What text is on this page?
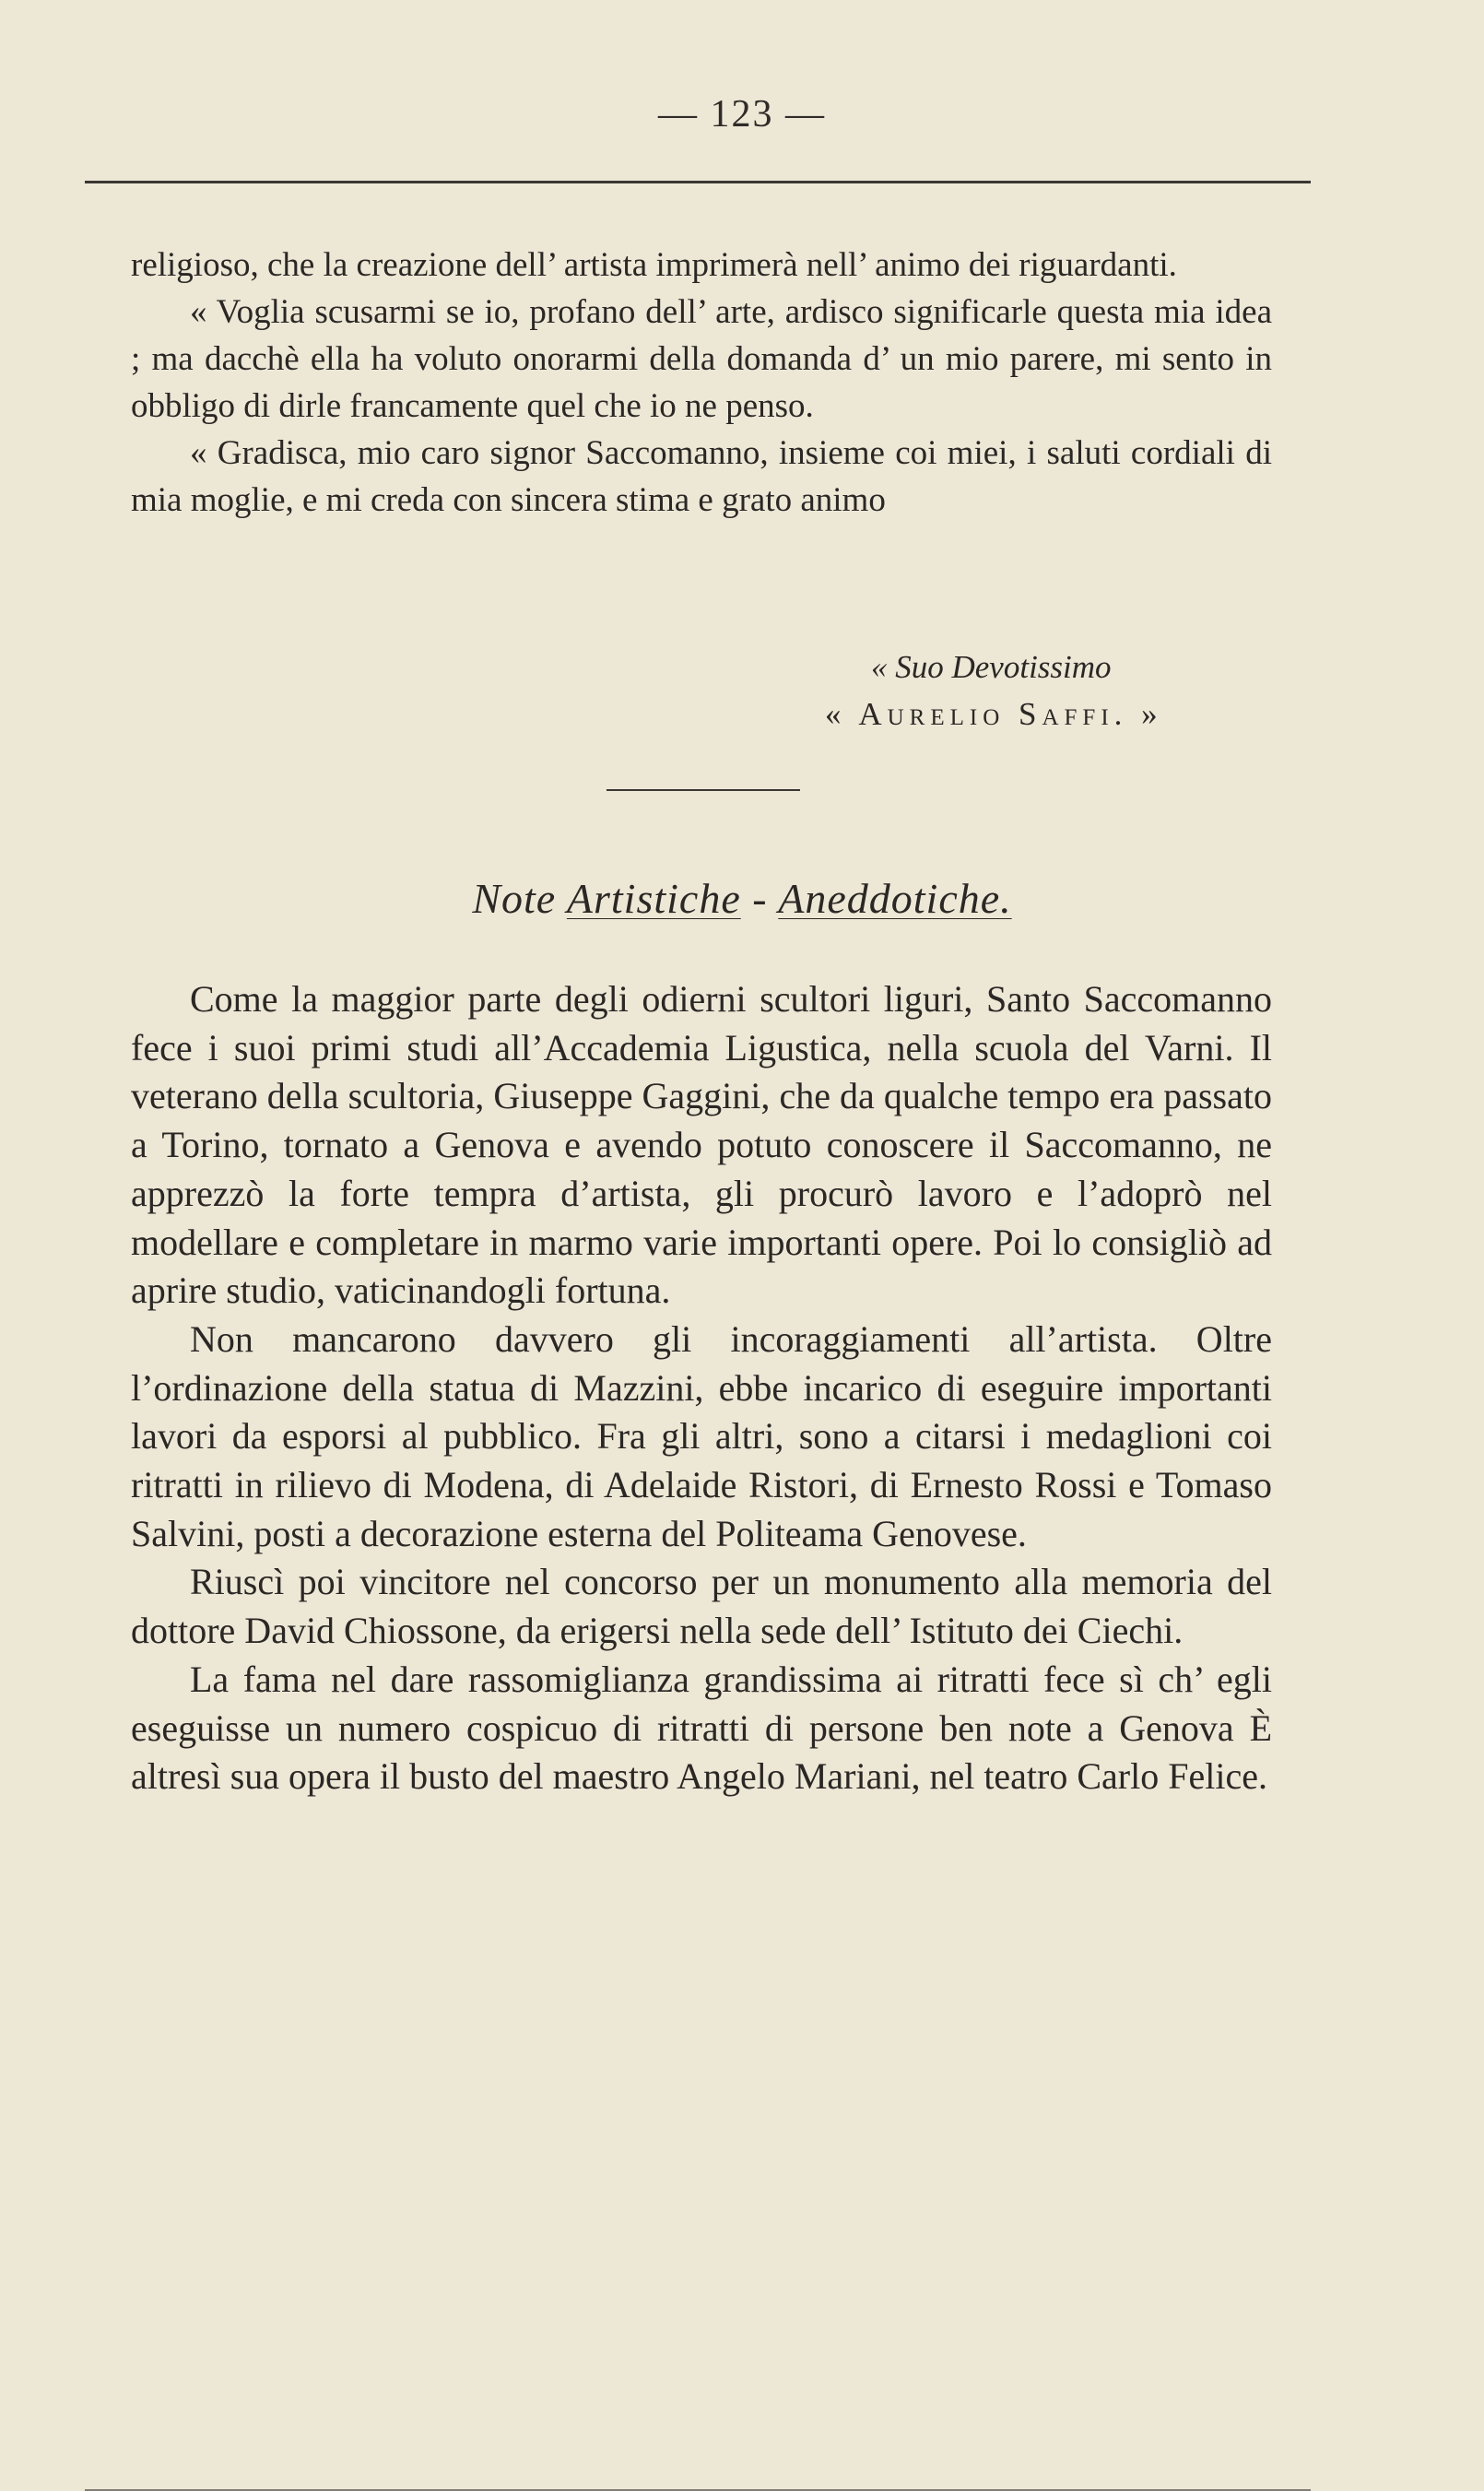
— 123 —

religioso, che la creazione dell’ artista imprimerà nell’ animo dei riguardanti.

« Voglia scusarmi se io, profano dell’ arte, ardisco significarle questa mia idea ; ma dacchè ella ha voluto onorarmi della domanda d’ un mio parere, mi sento in obbligo di dirle francamente quel che io ne penso.

« Gradisca, mio caro signor Saccomanno, insieme coi miei, i saluti cordiali di mia moglie, e mi creda con sincera stima e grato animo

« Suo Devotissimo
« Aurelio Saffi. »
Note Artistiche - Aneddotiche.

Come la maggior parte degli odierni scultori liguri, Santo Saccomanno fece i suoi primi studi all’Accademia Ligustica, nella scuola del Varni. Il veterano della scultoria, Giuseppe Gaggini, che da qualche tempo era passato a Torino, tornato a Genova e avendo potuto conoscere il Saccomanno, ne apprezzò la forte tempra d’artista, gli procurò lavoro e l’adoprò nel modellare e completare in marmo varie importanti opere. Poi lo consigliò ad aprire studio, vaticinandogli fortuna.

Non mancarono davvero gli incoraggiamenti all’artista. Oltre l’ordinazione della statua di Mazzini, ebbe incarico di eseguire importanti lavori da esporsi al pubblico. Fra gli altri, sono a citarsi i medaglioni coi ritratti in rilievo di Modena, di Adelaide Ristori, di Ernesto Rossi e Tomaso Salvini, posti a decorazione esterna del Politeama Genovese.

Riuscì poi vincitore nel concorso per un monumento alla memoria del dottore David Chiossone, da erigersi nella sede dell’ Istituto dei Ciechi.

La fama nel dare rassomiglianza grandissima ai ritratti fece sì ch’ egli eseguisse un numero cospicuo di ritratti di persone ben note a Genova È altresì sua opera il busto del maestro Angelo Mariani, nel teatro Carlo Felice.
